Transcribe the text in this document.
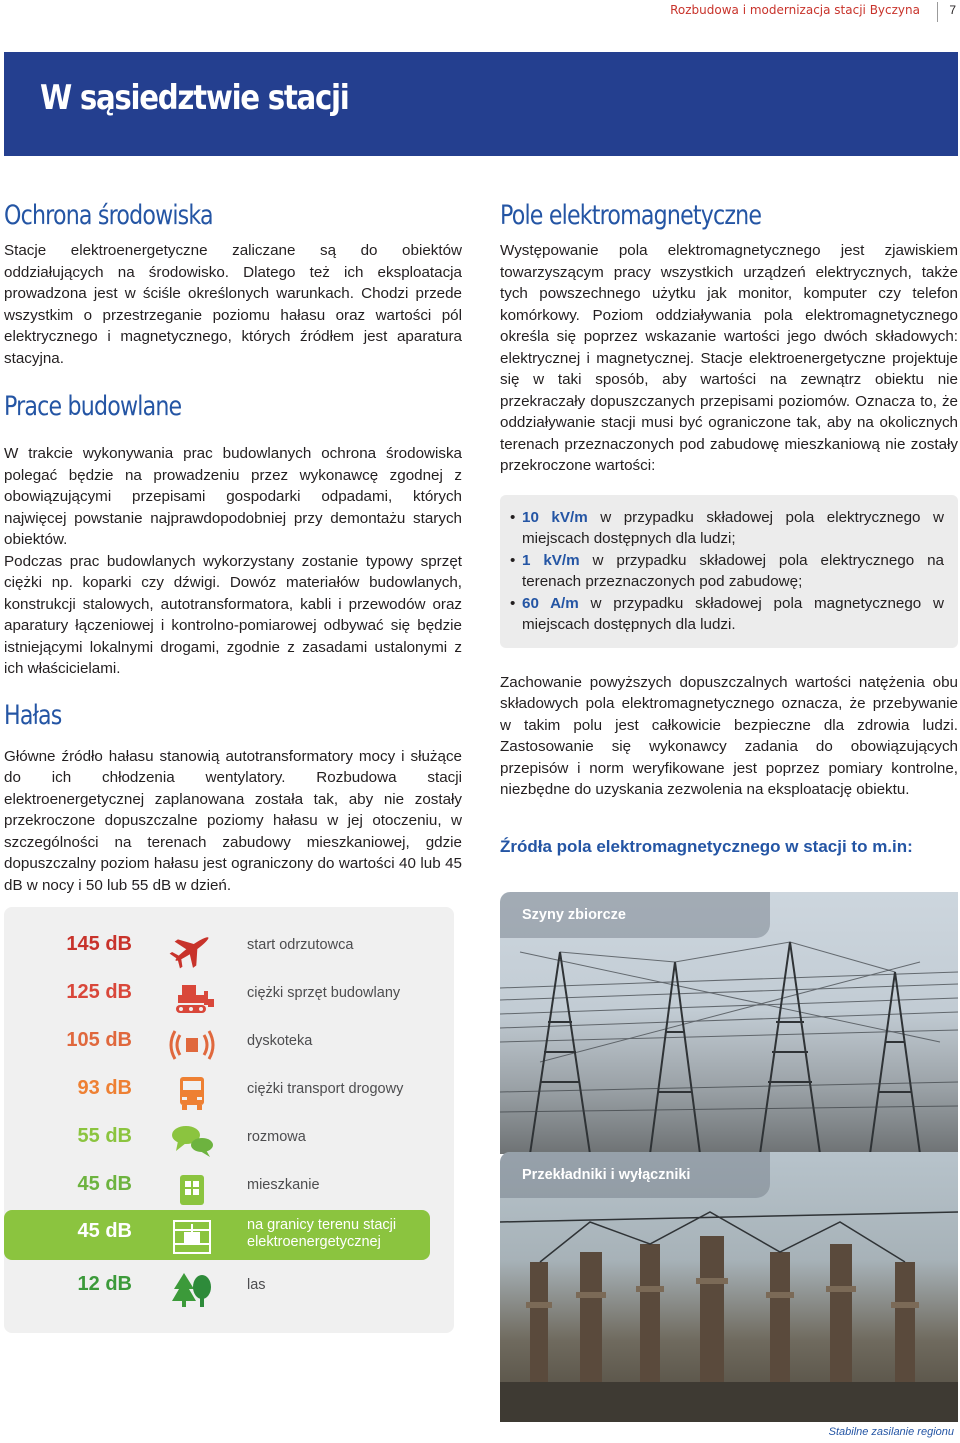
Rozbudowa i modernizacja stacji Byczyna 7
W sąsiedztwie stacji
Ochrona środowiska

Stacje elektroenergetyczne zaliczane są do obiektów oddziałujących na środowisko. Dlatego też ich eksploatacja prowadzona jest w ściśle określonych warunkach. Chodzi przede wszystkim o przestrzeganie poziomu hałasu oraz wartości pól elektrycznego i magnetycznego, których źródłem jest aparatura stacyjna.

Prace budowlane

W trakcie wykonywania prac budowlanych ochrona środowiska polegać będzie na prowadzeniu przez wykonawcę zgodnej z obowiązującymi przepisami gospodarki odpadami, których najwięcej powstanie najprawdopodobniej przy demontażu starych obiektów.

Podczas prac budowlanych wykorzystany zostanie typowy sprzęt ciężki np. koparki czy dźwigi. Dowóz materiałów budowlanych, konstrukcji stalowych, autotransformatora, kabli i przewodów oraz aparatury łączeniowej i kontrolno-pomiarowej odbywać się będzie istniejącymi lokalnymi drogami, zgodnie z zasadami ustalonymi z ich właścicielami.

Hałas

Główne źródło hałasu stanowią autotransformatory mocy i służące do ich chłodzenia wentylatory. Rozbudowa stacji elektroenergetycznej zaplanowana została tak, aby nie zostały przekroczone dopuszczalne poziomy hałasu w jej otoczeniu, w szczególności na terenach zabudowy mieszkaniowej, gdzie dopuszczalny poziom hałasu jest ograniczony do wartości 40 lub 45 dB w nocy i 50 lub 55 dB w dzień.

Pole elektromagnetyczne

Występowanie pola elektromagnetycznego jest zjawiskiem towarzyszącym pracy wszystkich urządzeń elektrycznych, także tych powszechnego użytku jak monitor, komputer czy telefon komórkowy. Poziom oddziaływania pola elektromagnetycznego określa się poprzez wskazanie wartości jego dwóch składowych: elektrycznej i magnetycznej. Stacje elektroenergetyczne projektuje się w taki sposób, aby wartości na zewnątrz obiektu nie przekraczały dopuszczanych przepisami poziomów. Oznacza to, że oddziaływanie stacji musi być ograniczone tak, aby na okolicznych terenach przeznaczonych pod zabudowę mieszkaniową nie zostały przekroczone wartości:

• 10 kV/m w przypadku składowej pola elektrycznego w miejscach dostępnych dla ludzi;
• 1 kV/m w przypadku składowej pola elektrycznego na terenach przeznaczonych pod zabudowę;
• 60 A/m w przypadku składowej pola magnetycznego w miejscach dostępnych dla ludzi.

Zachowanie powyższych dopuszczalnych wartości natężenia obu składowych pola elektromagnetycznego oznacza, że przebywanie w takim polu jest całkowicie bezpieczne dla zdrowia ludzi. Zastosowanie się wykonawcy zadania do obowiązujących przepisów i norm weryfikowane jest poprzez pomiary kontrolne, niezbędne do uzyskania zezwolenia na eksploatację obiektu.

Źródła pola elektromagnetycznego w stacji to m.in:
145 dB	start odrzutowca
125 dB	ciężki sprzęt budowlany
105 dB	dyskoteka
93 dB	ciężki transport drogowy
55 dB	rozmowa
45 dB	mieszkanie
45 dB	na granicy terenu stacji
elektroenergetycznej
12 dB	las
Szyny zbiorcze
Przekładniki i wyłączniki
Stabilne zasilanie regionu
